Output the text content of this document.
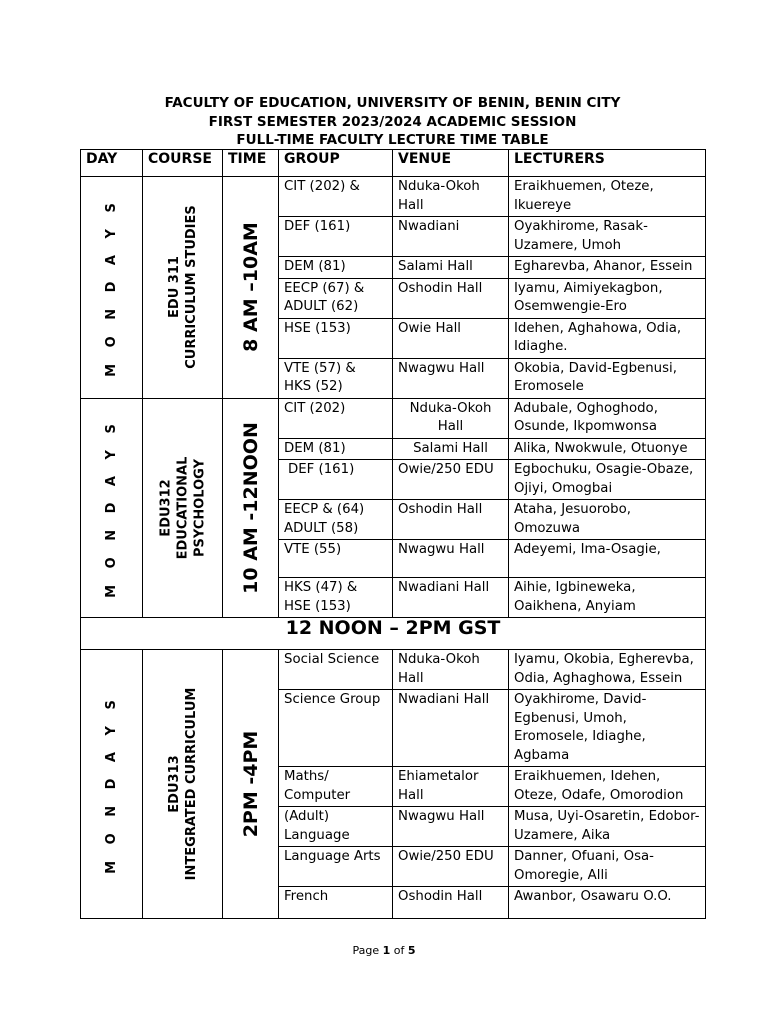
FACULTY OF EDUCATION, UNIVERSITY OF BENIN, BENIN CITY
FIRST SEMESTER 2023/2024 ACADEMIC SESSION
FULL-TIME FACULTY LECTURE TIME TABLE
DAY	COURSE	TIME	GROUP	VENUE	LECTURERS

M O N D A Y S	EDU 311 CURRICULUM STUDIES	8 AM –10AM	CIT (202) &	Nduka-Okoh Hall	Eraikhuemen, Oteze, Ikuereye
			DEF (161)	Nwadiani	Oyakhirome, Rasak-Uzamere, Umoh
			DEM (81)	Salami Hall	Egharevba, Ahanor, Essein
			EECP (67) & ADULT (62)	Oshodin Hall	Iyamu, Aimiyekagbon, Osemwengie-Ero
			HSE (153)	Owie Hall	Idehen, Aghahowa, Odia, Idiaghe.
			VTE (57) & HKS (52)	Nwagwu Hall	Okobia, David-Egbenusi, Eromosele

M O N D A Y S	EDU312 EDUCATIONAL PSYCHOLOGY	10 AM -12NOON	CIT (202)	Nduka-Okoh Hall	Adubale, Oghoghodo, Osunde, Ikpomwonsa
			DEM (81)	Salami Hall	Alika, Nwokwule, Otuonye
			DEF (161)	Owie/250 EDU	Egbochuku, Osagie-Obaze, Ojiyi, Omogbai
			EECP & (64) ADULT (58)	Oshodin Hall	Ataha, Jesuorobo, Omozuwa
			VTE (55)	Nwagwu Hall	Adeyemi, Ima-Osagie,
			HKS (47) & HSE (153)	Nwadiani Hall	Aihie, Igbineweka, Oaikhena, Anyiam
12 NOON – 2PM GST					

M O N D A Y S	EDU313 INTEGRATED CURRICULUM	2PM -4PM	Social Science	Nduka-Okoh Hall	Iyamu, Okobia, Egherevba, Odia, Aghaghowa, Essein
			Science Group	Nwadiani Hall	Oyakhirome, David-Egbenusi, Umoh, Eromosele, Idiaghe, Agbama
			Maths/ Computer	Ehiametalor Hall	Eraikhuemen, Idehen, Oteze, Odafe, Omorodion
			(Adult) Language	Nwagwu Hall	Musa, Uyi-Osaretin, Edobor-Uzamere, Aika
			Language Arts	Owie/250 EDU	Danner, Ofuani, Osa-Omoregie, Alli
			French	Oshodin Hall	Awanbor, Osawaru O.O.
Page 1 of 5
